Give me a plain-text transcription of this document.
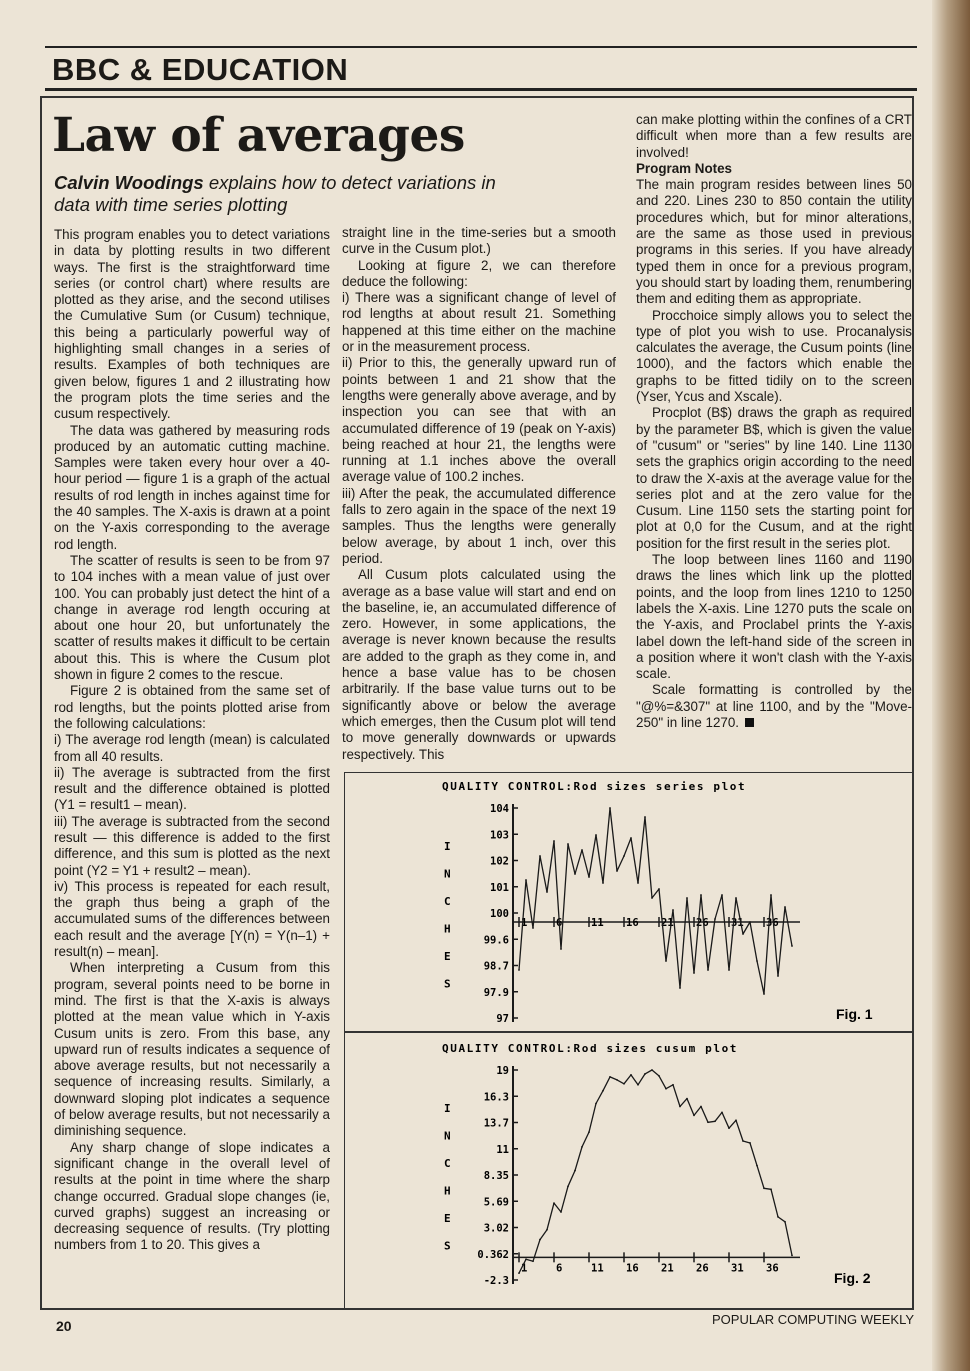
BBC & EDUCATION
Law of averages
Calvin Woodings explains how to detect variations in data with time series plotting

This program enables you to detect variations in data by plotting results in two different ways. The first is the straightforward time series (or control chart) where results are plotted as they arise, and the second utilises the Cumulative Sum (or Cusum) technique, this being a particularly powerful way of highlighting small changes in a series of results. Examples of both techniques are given below, figures 1 and 2 illustrating how the program plots the time series and the cusum respectively.

The data was gathered by measuring rods produced by an automatic cutting machine. Samples were taken every hour over a 40-hour period — figure 1 is a graph of the actual results of rod length in inches against time for the 40 samples. The X-axis is drawn at a point on the Y-axis corresponding to the average rod length.

The scatter of results is seen to be from 97 to 104 inches with a mean value of just over 100. You can probably just detect the hint of a change in average rod length occuring at about one hour 20, but unfortunately the scatter of results makes it difficult to be certain about this. This is where the Cusum plot shown in figure 2 comes to the rescue.

Figure 2 is obtained from the same set of rod lengths, but the points plotted arise from the following calculations:

i) The average rod length (mean) is calculated from all 40 results.

ii) The average is subtracted from the first result and the difference obtained is plotted (Y1 = result1 – mean).

iii) The average is subtracted from the second result — this difference is added to the first difference, and this sum is plotted as the next point (Y2 = Y1 + result2 – mean).

iv) This process is repeated for each result, the graph thus being a graph of the accumulated sums of the differences between each result and the average [Y(n) = Y(n–1) + result(n) – mean].

When interpreting a Cusum from this program, several points need to be borne in mind. The first is that the X-axis is always plotted at the mean value which in Y-axis Cusum units is zero. From this base, any upward run of results indicates a sequence of above average results, but not necessarily a sequence of increasing results. Similarly, a downward sloping plot indicates a sequence of below average results, but not necessarily a diminishing sequence.

Any sharp change of slope indicates a significant change in the overall level of results at the point in time where the sharp change occurred. Gradual slope changes (ie, curved graphs) suggest an increasing or decreasing sequence of results. (Try plotting numbers from 1 to 20. This gives a

straight line in the time-series but a smooth curve in the Cusum plot.)

Looking at figure 2, we can therefore deduce the following:

i) There was a significant change of level of rod lengths at about result 21. Something happened at this time either on the machine or in the measurement process.

ii) Prior to this, the generally upward run of points between 1 and 21 show that the lengths were generally above average, and by inspection you can see that with an accumulated difference of 19 (peak on Y-axis) being reached at hour 21, the lengths were running at 1.1 inches above the overall average value of 100.2 inches.

iii) After the peak, the accumulated difference falls to zero again in the space of the next 19 samples. Thus the lengths were generally below average, by about 1 inch, over this period.

All Cusum plots calculated using the average as a base value will start and end on the baseline, ie, an accumulated difference of zero. However, in some applications, the average is never known because the results are added to the graph as they come in, and hence a base value has to be chosen arbitrarily. If the base value turns out to be significantly above or below the average which emerges, then the Cusum plot will tend to move generally downwards or upwards respectively. This

can make plotting within the confines of a CRT difficult when more than a few results are involved!

Program Notes

The main program resides between lines 50 and 220. Lines 230 to 850 contain the utility procedures which, but for minor alterations, are the same as those used in previous programs in this series. If you have already typed them in once for a previous program, you should start by loading them, renumbering them and editing them as appropriate.

Procchoice simply allows you to select the type of plot you wish to use. Procanalysis calculates the average, the Cusum points (line 1000), and the factors which enable the graphs to be fitted tidily on to the screen (Yser, Ycus and Xscale).

Procplot (B$) draws the graph as required by the parameter B$, which is given the value of "cusum" or "series" by line 140. Line 1130 sets the graphics origin according to the need to draw the X-axis at the average value for the series plot and at the zero value for the Cusum. Line 1150 sets the starting point for plot at 0,0 for the Cusum, and at the right position for the first result in the series plot.

The loop between lines 1160 and 1190 draws the lines which link up the plotted points, and the loop from lines 1210 to 1250 labels the X-axis. Line 1270 puts the scale on the Y-axis, and Proclabel prints the Y-axis label down the left-hand side of the screen in a position where it won't clash with the Y-axis scale.

Scale formatting is controlled by the "@%=&307" at line 1100, and by the "Move-250" in line 1270.

QUALITY CONTROL:Rod sizes series plot
I
N
C
H
E
S
104
103
102
101
100
99.6
98.7
97.9
97
1	6	11 16 21 26 31 36
Fig. 1
QUALITY CONTROL:Rod sizes cusum plot
I
N
C
H
E
S
19
16.3
13.7
11
8.35
5.69
3.02
0.362
-2.3
1	6	11 16 21 26 31 36
Fig. 2
20	POPULAR COMPUTING WEEKLY
